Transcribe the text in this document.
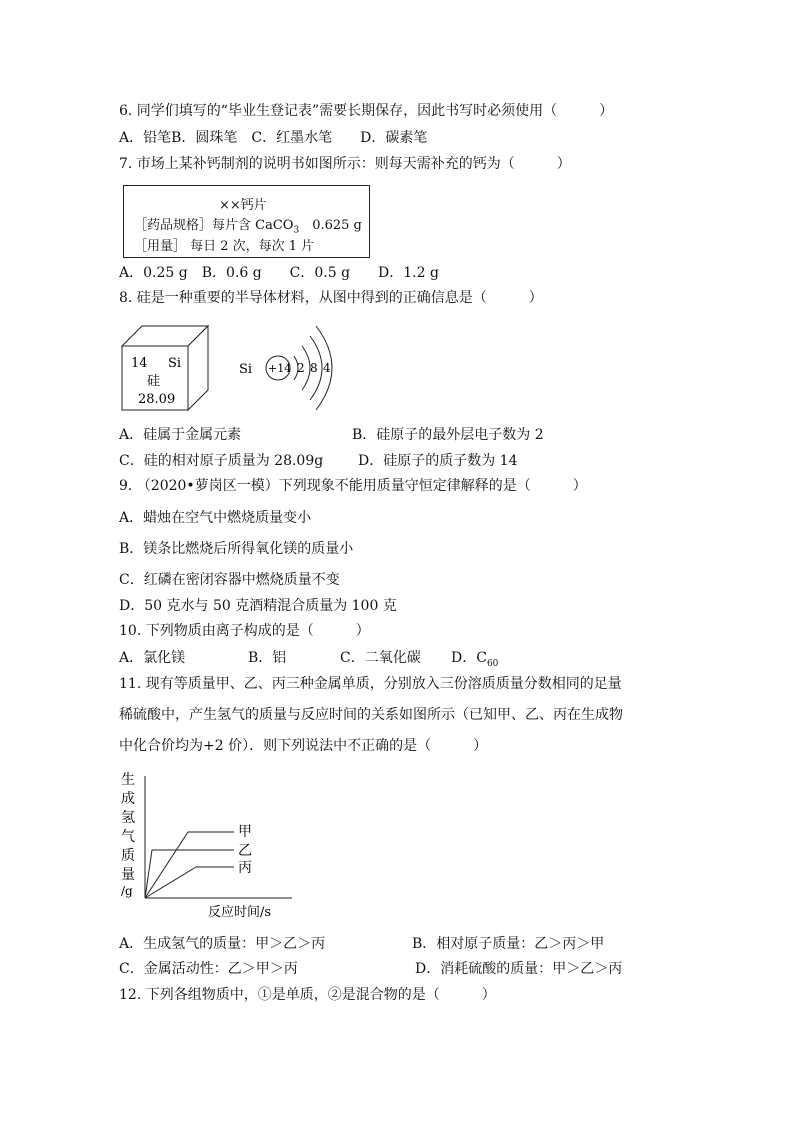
6. 同学们填写的“毕业生登记表”需要长期保存，因此书写时必须使用（　　　）
A．铅笔B．圆珠笔　C．红墨水笔　　D．碳素笔
7. 市场上某补钙制剂的说明书如图所示：则每天需补充的钙为（　　　）
××钙片
［药品规格］每片含 CaCO$_3$　 0.625 g
［用量］ 每日 2 次，每次 1 片
A．0.25 g　B．0.6 g　　C．0.5 g　　D．1.2 g
8. 硅是一种重要的半导体材料，从图中得到的正确信息是（　　　）
14 Si
硅
28.09
Si +14 2 8 4
A．硅属于金属元素	B．硅原子的最外层电子数为 2
C．硅的相对原子质量为 28.09g D．硅原子的质子数为 14
9. （2020•萝岗区一模）下列现象不能用质量守恒定律解释的是（　　　）
A．蜡烛在空气中燃烧质量变小
B．镁条比燃烧后所得氧化镁的质量小
C．红磷在密闭容器中燃烧质量不变
D．50 克水与 50 克酒精混合质量为 100 克
10. 下列物质由离子构成的是（　　　）
A．氯化镁	B．铝	C．二氧化碳 D．$C_{60}$
11. 现有等质量甲、乙、丙三种金属单质，分别放入三份溶质质量分数相同的足量
稀硫酸中，产生氢气的质量与反应时间的关系如图所示（已知甲、乙、丙在生成物
中化合价均为+2 价）．则下列说法中不正确的是（　　　）
生
成
氢
气
质
量
/g
甲
乙
丙
反应时间/s
A．生成氢气的质量：甲＞乙＞丙	B．相对原子质量：乙＞丙＞甲
C．金属活动性：乙＞甲＞丙	D．消耗硫酸的质量：甲＞乙＞丙
12. 下列各组物质中，①是单质，②是混合物的是（　　　）
